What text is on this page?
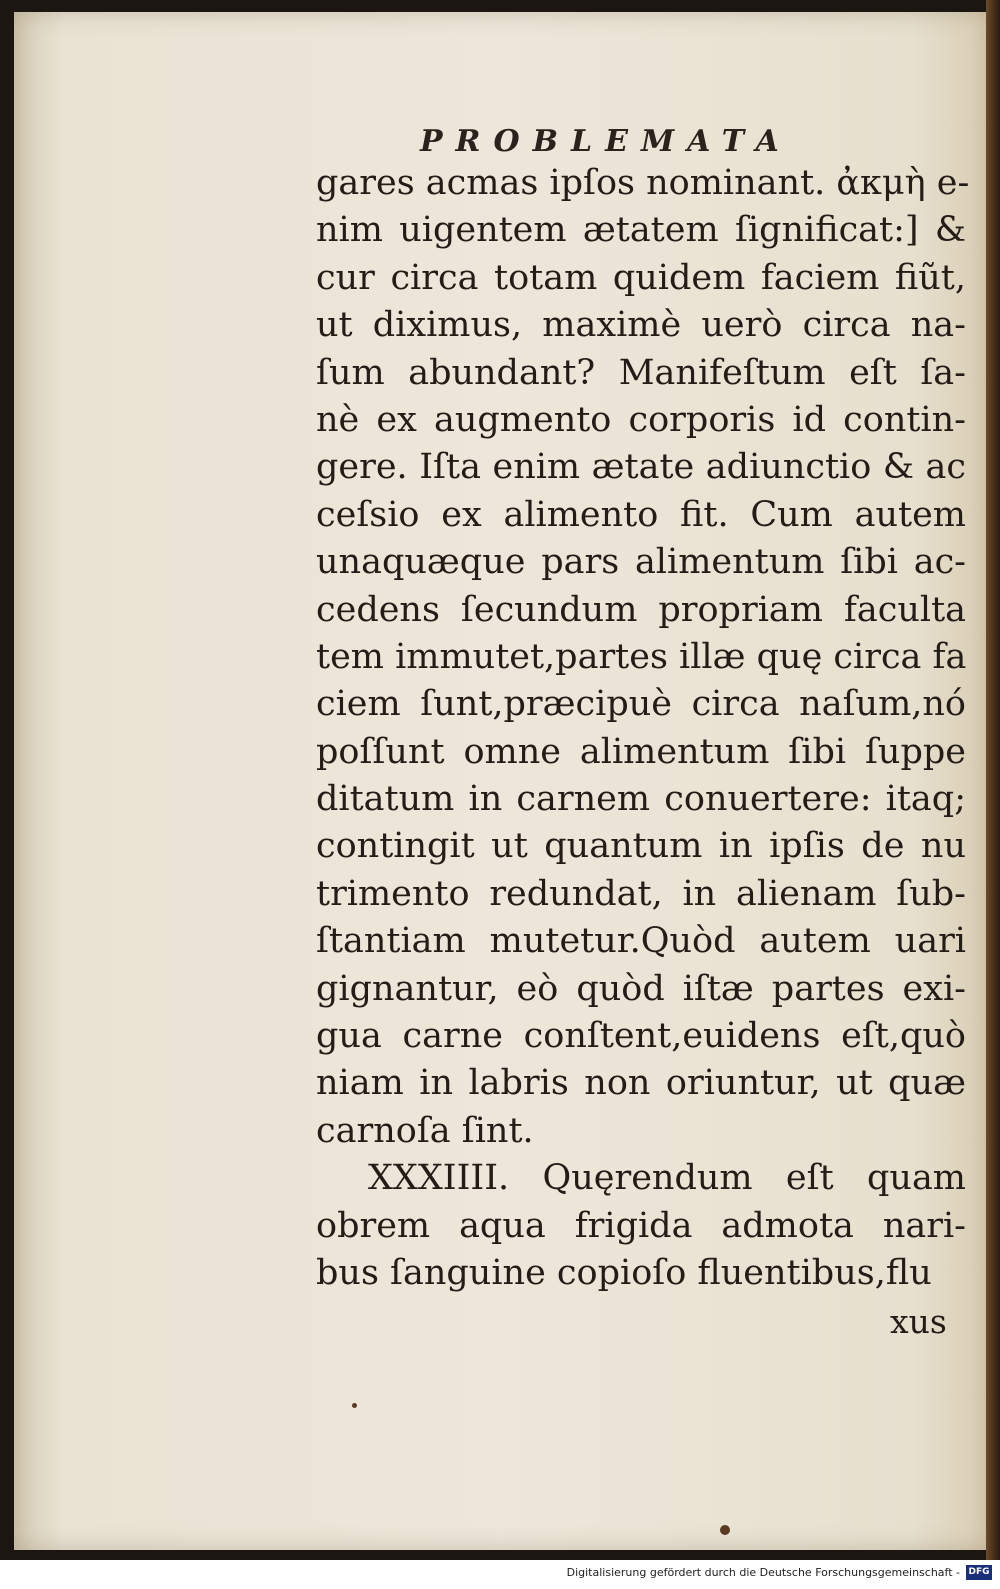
PROBLEMATA
gares acmas ipſos nominant. ἀκμὴ e-
nim uigentem ætatem ſignificat:] &
cur circa totam quidem faciem fiũt,
ut diximus, maximè uerò circa na-
ſum abundant? Manifeſtum eſt ſa-
nè ex augmento corporis id contin-
gere. Iſta enim ætate adiunctio & ac
ceſsio ex alimento fit. Cum autem
unaquæque pars alimentum ſibi ac-
cedens ſecundum propriam faculta
tem immutet,partes illæ quę circa fa
ciem ſunt,præcipuè circa naſum,nó
poſſunt omne alimentum ſibi ſuppe
ditatum in carnem conuertere: itaq;
contingit ut quantum in ipſis de nu
trimento redundat, in alienam ſub-
ſtantiam mutetur.Quòd autem uari
gignantur, eò quòd iſtæ partes exi-
gua carne conſtent,euidens eſt,quò
niam in labris non oriuntur, ut quæ
carnoſa ſint.
XXXIIII. Quęrendum eſt quam
obrem aqua frigida admota nari-
bus ſanguine copioſo fluentibus,flu
xus
Digitalisierung gefördert durch die Deutsche Forschungsgemeinschaft - DFG
